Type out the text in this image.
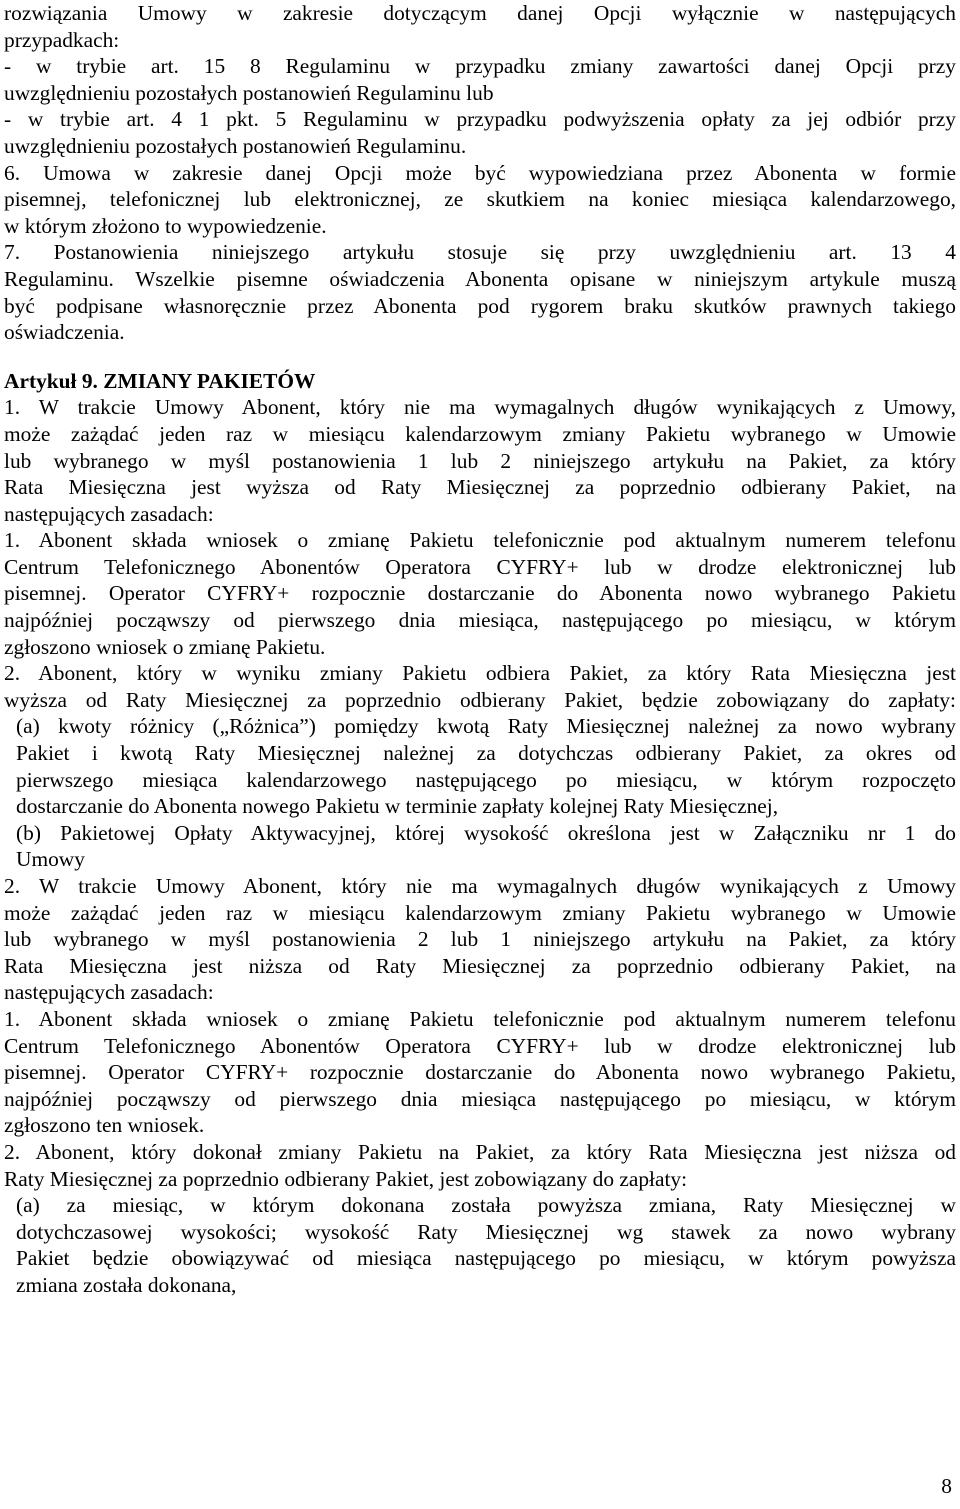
rozwiązania Umowy w zakresie dotyczącym danej Opcji wyłącznie w następujących
przypadkach:
- w trybie art. 15 8 Regulaminu w przypadku zmiany zawartości danej Opcji przy
uwzględnieniu pozostałych postanowień Regulaminu lub
- w trybie art. 4 1 pkt. 5 Regulaminu w przypadku podwyższenia opłaty za jej odbiór przy
uwzględnieniu pozostałych postanowień Regulaminu.
6. Umowa w zakresie danej Opcji może być wypowiedziana przez Abonenta w formie
pisemnej, telefonicznej lub elektronicznej, ze skutkiem na koniec miesiąca kalendarzowego,
w którym złożono to wypowiedzenie.
7. Postanowienia niniejszego artykułu stosuje się przy uwzględnieniu art. 13 4
Regulaminu. Wszelkie pisemne oświadczenia Abonenta opisane w niniejszym artykule muszą
być podpisane własnoręcznie przez Abonenta pod rygorem braku skutków prawnych takiego
oświadczenia.
Artykuł 9. ZMIANY PAKIETÓW
1. W trakcie Umowy Abonent, który nie ma wymagalnych długów wynikających z Umowy,
może zażądać jeden raz w miesiącu kalendarzowym zmiany Pakietu wybranego w Umowie
lub wybranego w myśl postanowienia 1 lub 2 niniejszego artykułu na Pakiet, za który
Rata Miesięczna jest wyższa od Raty Miesięcznej za poprzednio odbierany Pakiet, na
następujących zasadach:
1. Abonent składa wniosek o zmianę Pakietu telefonicznie pod aktualnym numerem telefonu
Centrum Telefonicznego Abonentów Operatora CYFRY+ lub w drodze elektronicznej lub
pisemnej. Operator CYFRY+ rozpocznie dostarczanie do Abonenta nowo wybranego Pakietu
najpóźniej począwszy od pierwszego dnia miesiąca, następującego po miesiącu, w którym
zgłoszono wniosek o zmianę Pakietu.
2. Abonent, który w wyniku zmiany Pakietu odbiera Pakiet, za który Rata Miesięczna jest
wyższa od Raty Miesięcznej za poprzednio odbierany Pakiet, będzie zobowiązany do zapłaty:
(a) kwoty różnicy („Różnica”) pomiędzy kwotą Raty Miesięcznej należnej za nowo wybrany
Pakiet i kwotą Raty Miesięcznej należnej za dotychczas odbierany Pakiet, za okres od
pierwszego miesiąca kalendarzowego następującego po miesiącu, w którym rozpoczęto
dostarczanie do Abonenta nowego Pakietu w terminie zapłaty kolejnej Raty Miesięcznej,
(b) Pakietowej Opłaty Aktywacyjnej, której wysokość określona jest w Załączniku nr 1 do
Umowy
2. W trakcie Umowy Abonent, który nie ma wymagalnych długów wynikających z Umowy
może zażądać jeden raz w miesiącu kalendarzowym zmiany Pakietu wybranego w Umowie
lub wybranego w myśl postanowienia 2 lub 1 niniejszego artykułu na Pakiet, za który
Rata Miesięczna jest niższa od Raty Miesięcznej za poprzednio odbierany Pakiet, na
następujących zasadach:
1. Abonent składa wniosek o zmianę Pakietu telefonicznie pod aktualnym numerem telefonu
Centrum Telefonicznego Abonentów Operatora CYFRY+ lub w drodze elektronicznej lub
pisemnej. Operator CYFRY+ rozpocznie dostarczanie do Abonenta nowo wybranego Pakietu,
najpóźniej począwszy od pierwszego dnia miesiąca następującego po miesiącu, w którym
zgłoszono ten wniosek.
2. Abonent, który dokonał zmiany Pakietu na Pakiet, za który Rata Miesięczna jest niższa od
Raty Miesięcznej za poprzednio odbierany Pakiet, jest zobowiązany do zapłaty:
(a) za miesiąc, w którym dokonana została powyższa zmiana, Raty Miesięcznej w
dotychczasowej wysokości; wysokość Raty Miesięcznej wg stawek za nowo wybrany
Pakiet będzie obowiązywać od miesiąca następującego po miesiącu, w którym powyższa
zmiana została dokonana,
8
